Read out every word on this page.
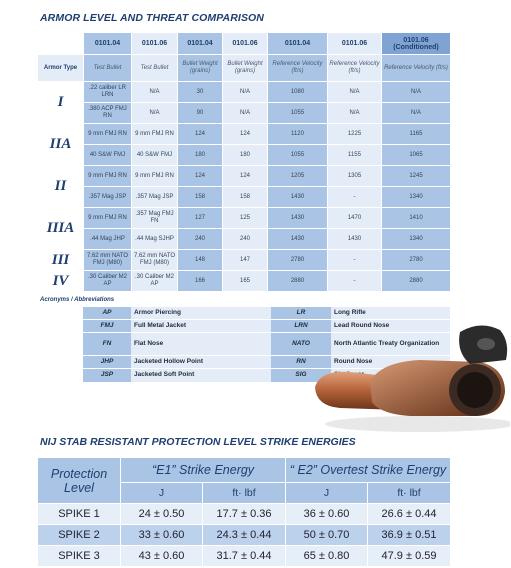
ARMOR LEVEL AND THREAT COMPARISON
	0101.04	0101.06	0101.04	0101.06	0101.04	0101.06	0101.06 (Conditioned)
Armor Type	Test Bullet	Test Bullet	Bullet Weight (grains)	Bullet Weight (grains)	Reference Velocity (ft/s)	Reference Velocity (ft/s)	Reference Velocity (ft/s)
I	.22 caliber LR LRN	N/A	30	N/A	1080	N/A	N/A
	.380 ACP FMJ RN	N/A	90	N/A	1055	N/A	N/A
IIA	9 mm FMJ RN	9 mm FMJ RN	124	124	1120	1225	1165
	40 S&W FMJ	40 S&W FMJ	180	180	1055	1155	1065
II	9 mm FMJ RN	9 mm FMJ RN	124	124	1205	1305	1245
	.357 Mag JSP	.357 Mag JSP	158	158	1430	-	1340
IIIA	9 mm FMJ RN	.357 Mag FMJ FN	127	125	1430	1470	1410
	.44 Mag JHP	.44 Mag SJHP	240	240	1430	1430	1340
III	7.62 mm NATO FMJ (M80)	7.62 mm NATO FMJ (M80)	148	147	2780	-	2780
IV	.30 Caliber M2 AP	.30 Caliber M2 AP	166	165	2880	-	2880
Acronyms / Abbreviations
	AP	Armor Piercing	LR	Long Rifle
	FMJ	Full Metal Jacket	LRN	Lead Round Nose
	FN	Flat Nose	NATO	North Atlantic Treaty Organization
	JHP	Jacketed Hollow Point	RN	Round Nose
	JSP	Jacketed Soft Point	SIG	
NIJ STAB RESISTANT PROTECTION LEVEL STRIKE ENERGIES
Protection Level	“E1” Strike Energy		“ E2” Overtest Strike Energy	
	J	ft· lbf	J	ft· lbf
SPIKE 1	24 ± 0.50	17.7 ± 0.36	36 ± 0.60	26.6 ± 0.44
SPIKE 2	33 ± 0.60	24.3 ± 0.44	50 ± 0.70	36.9 ± 0.51
SPIKE 3	43 ± 0.60	31.7 ± 0.44	65 ± 0.80	47.9 ± 0.59
